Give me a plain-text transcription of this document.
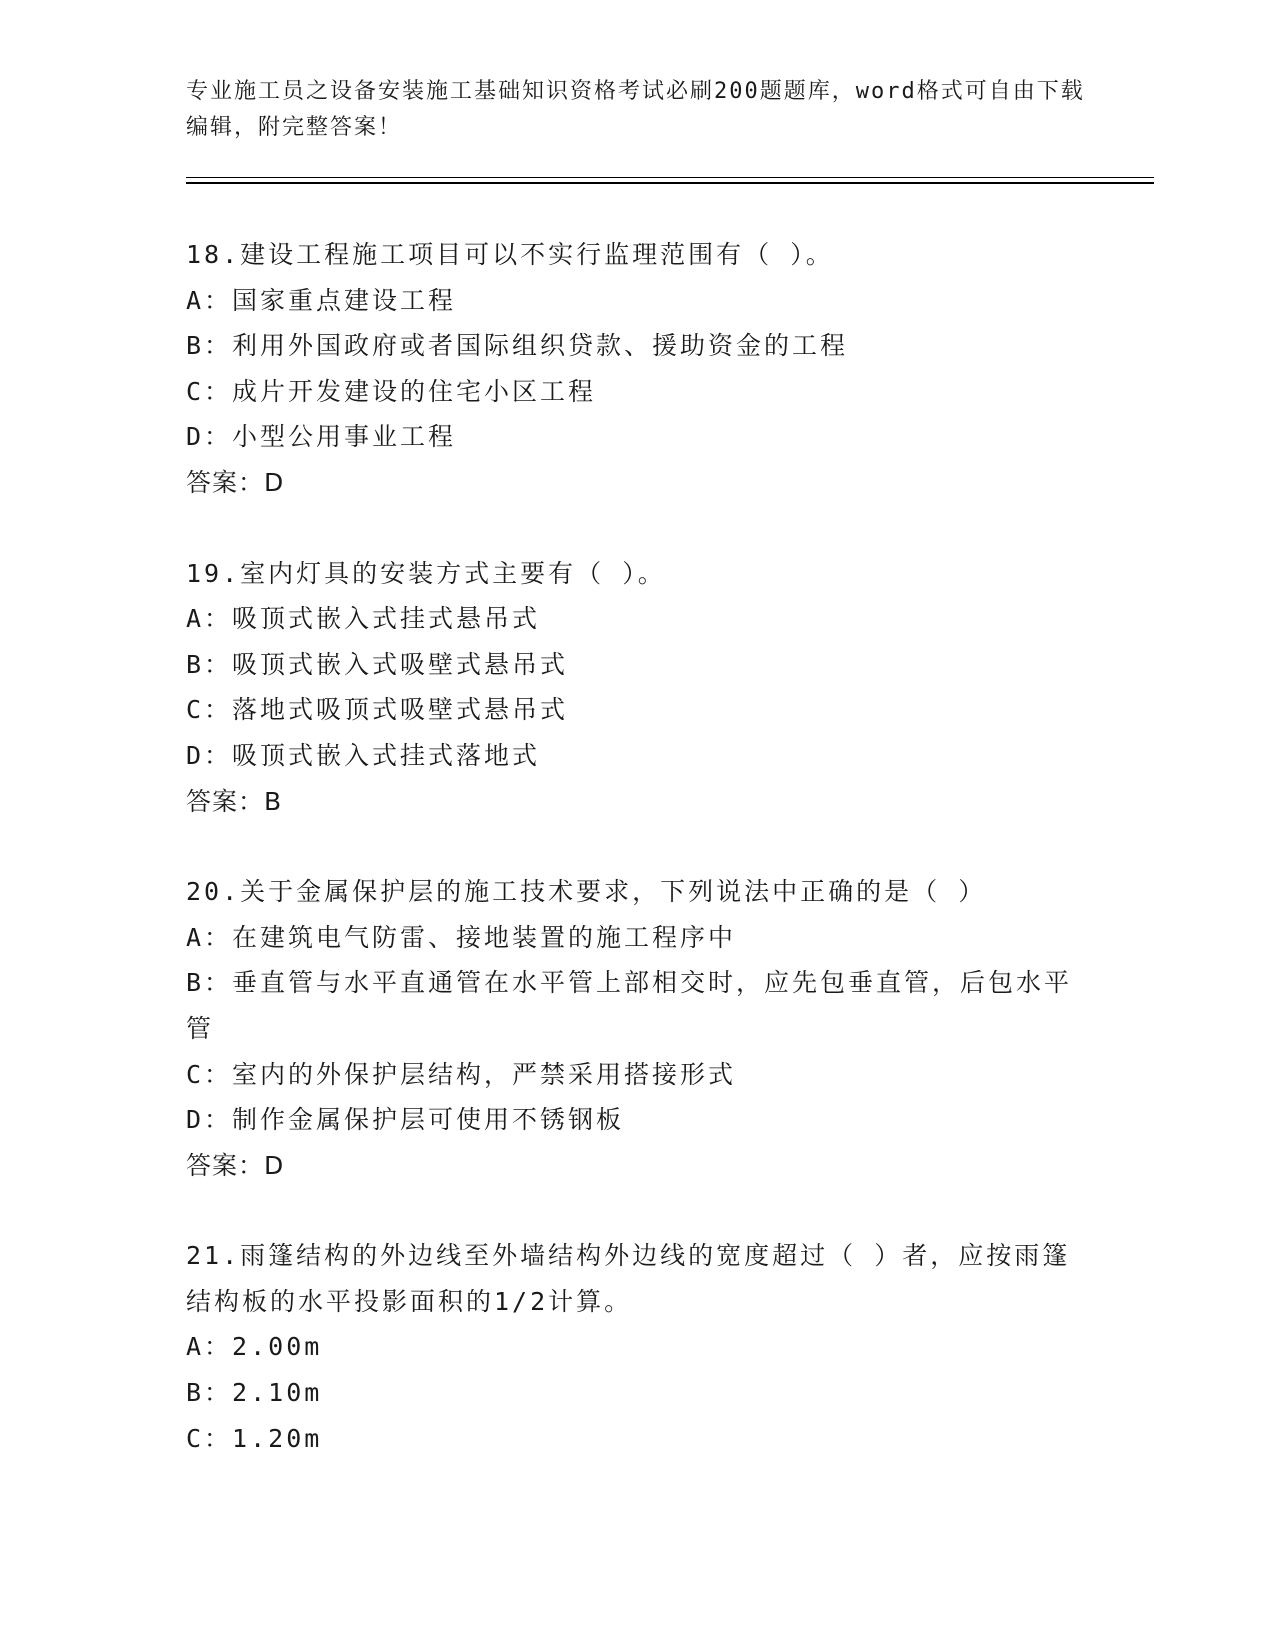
专业施工员之设备安装施工基础知识资格考试必刷200题题库，word格式可自由下载编辑，附完整答案！
18.建设工程施工项目可以不实行监理范围有（ ）。
A：国家重点建设工程
B：利用外国政府或者国际组织贷款、援助资金的工程
C：成片开发建设的住宅小区工程
D：小型公用事业工程
答案：D
19.室内灯具的安装方式主要有（ ）。
A：吸顶式嵌入式挂式悬吊式
B：吸顶式嵌入式吸壁式悬吊式
C：落地式吸顶式吸壁式悬吊式
D：吸顶式嵌入式挂式落地式
答案：B
20.关于金属保护层的施工技术要求，下列说法中正确的是（ ）
A：在建筑电气防雷、接地装置的施工程序中
B：垂直管与水平直通管在水平管上部相交时，应先包垂直管，后包水平管
C：室内的外保护层结构，严禁采用搭接形式
D：制作金属保护层可使用不锈钢板
答案：D
21.雨篷结构的外边线至外墙结构外边线的宽度超过（ ）者，应按雨篷结构板的水平投影面积的1/2计算。
A：2.00m
B：2.10m
C：1.20m
